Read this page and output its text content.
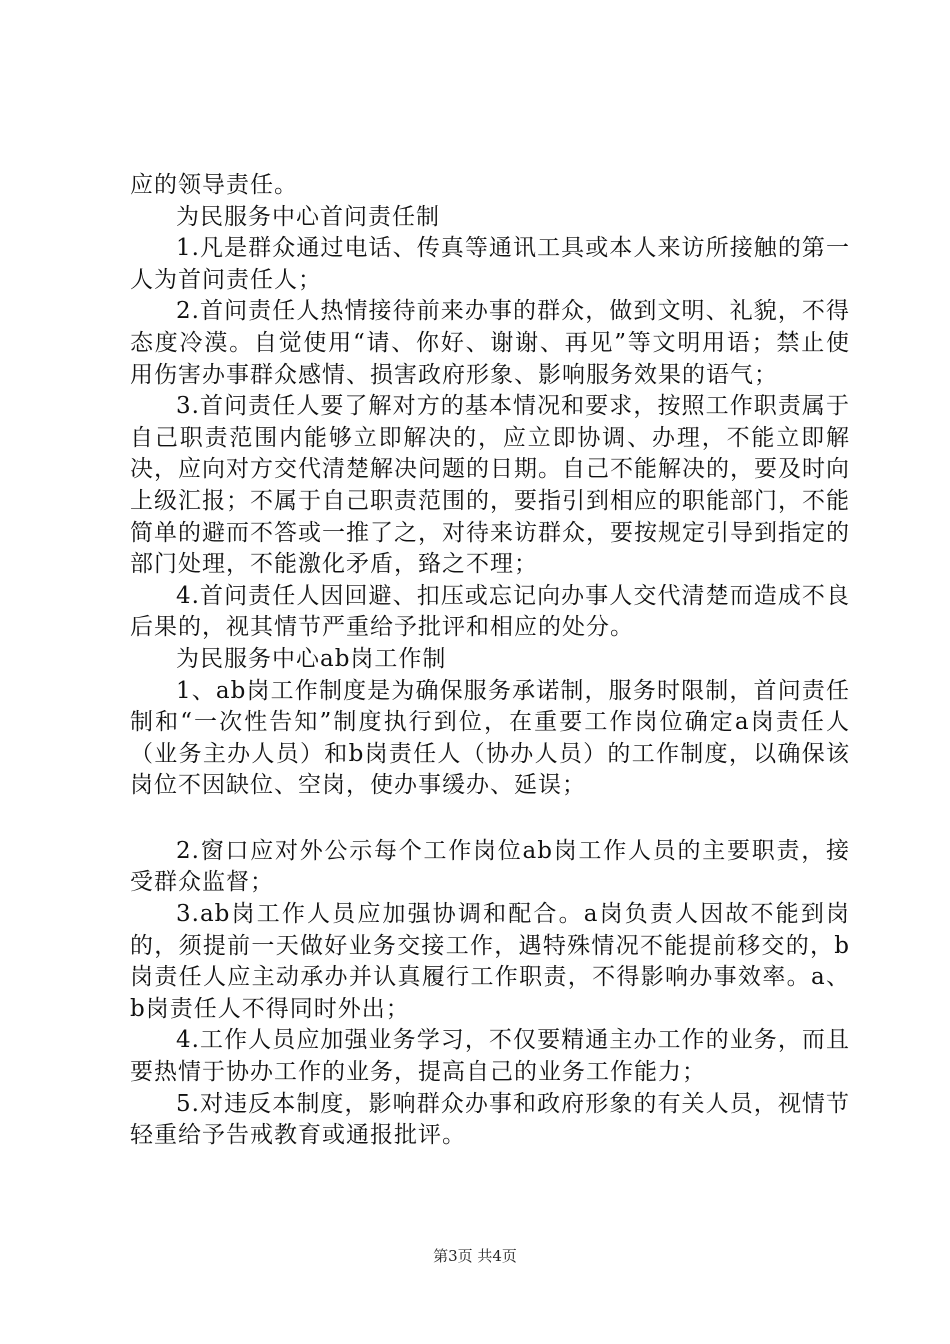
应的领导责任。

为民服务中心首问责任制

1.凡是群众通过电话、传真等通讯工具或本人来访所接触的第一人为首问责任人；

2.首问责任人热情接待前来办事的群众，做到文明、礼貌，不得态度冷漠。自觉使用“请、你好、谢谢、再见”等文明用语；禁止使用伤害办事群众感情、损害政府形象、影响服务效果的语气；

3.首问责任人要了解对方的基本情况和要求，按照工作职责属于自己职责范围内能够立即解决的，应立即协调、办理，不能立即解决，应向对方交代清楚解决问题的日期。自己不能解决的，要及时向上级汇报；不属于自己职责范围的，要指引到相应的职能部门，不能简单的避而不答或一推了之，对待来访群众，要按规定引导到指定的部门处理，不能激化矛盾，臵之不理；

4.首问责任人因回避、扣压或忘记向办事人交代清楚而造成不良后果的，视其情节严重给予批评和相应的处分。

为民服务中心ab岗工作制

1、ab岗工作制度是为确保服务承诺制，服务时限制，首问责任制和“一次性告知”制度执行到位，在重要工作岗位确定a岗责任人（业务主办人员）和b岗责任人（协办人员）的工作制度，以确保该岗位不因缺位、空岗，使办事缓办、延误；

2.窗口应对外公示每个工作岗位ab岗工作人员的主要职责，接受群众监督；

3.ab岗工作人员应加强协调和配合。a岗负责人因故不能到岗的，须提前一天做好业务交接工作，遇特殊情况不能提前移交的，b岗责任人应主动承办并认真履行工作职责，不得影响办事效率。a、b岗责任人不得同时外出；

4.工作人员应加强业务学习，不仅要精通主办工作的业务，而且要热情于协办工作的业务，提高自己的业务工作能力；

5.对违反本制度，影响群众办事和政府形象的有关人员，视情节轻重给予告戒教育或通报批评。

第3页 共4页
